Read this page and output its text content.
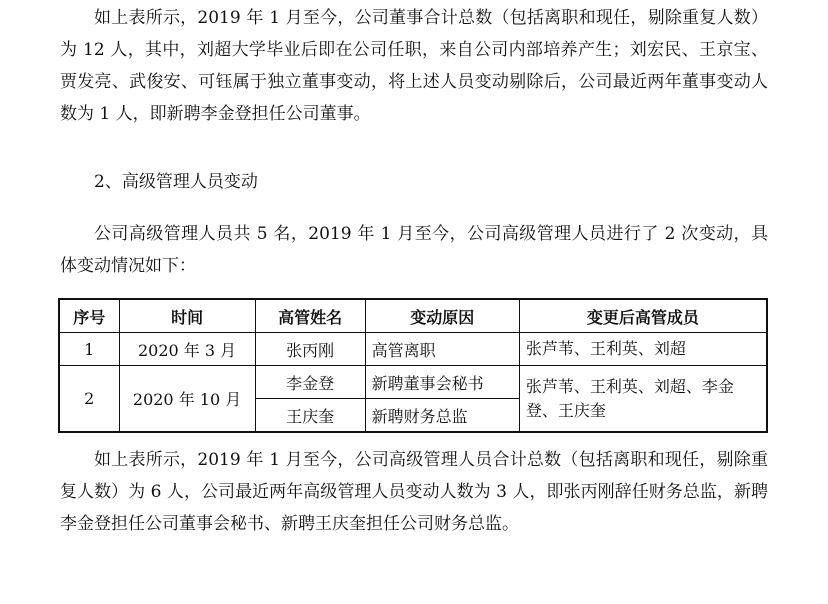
如上表所示，2019 年 1 月至今，公司董事合计总数（包括离职和现任，剔除重复人数）为 12 人，其中，刘超大学毕业后即在公司任职，来自公司内部培养产生；刘宏民、王京宝、贾发亮、武俊安、可钰属于独立董事变动，将上述人员变动剔除后，公司最近两年董事变动人数为 1 人，即新聘李金登担任公司董事。

2、高级管理人员变动

公司高级管理人员共 5 名，2019 年 1 月至今，公司高级管理人员进行了 2 次变动，具体变动情况如下：

序号	时间	高管姓名	变动原因	变更后高管成员
1	2020 年 3 月	张丙刚	高管离职	张芦苇、王利英、刘超
2	2020 年 10 月	李金登	新聘董事会秘书	张芦苇、王利英、刘超、李金登、王庆奎
		王庆奎	新聘财务总监	

如上表所示，2019 年 1 月至今，公司高级管理人员合计总数（包括离职和现任，剔除重复人数）为 6 人，公司最近两年高级管理人员变动人数为 3 人，即张丙刚辞任财务总监，新聘李金登担任公司董事会秘书、新聘王庆奎担任公司财务总监。
